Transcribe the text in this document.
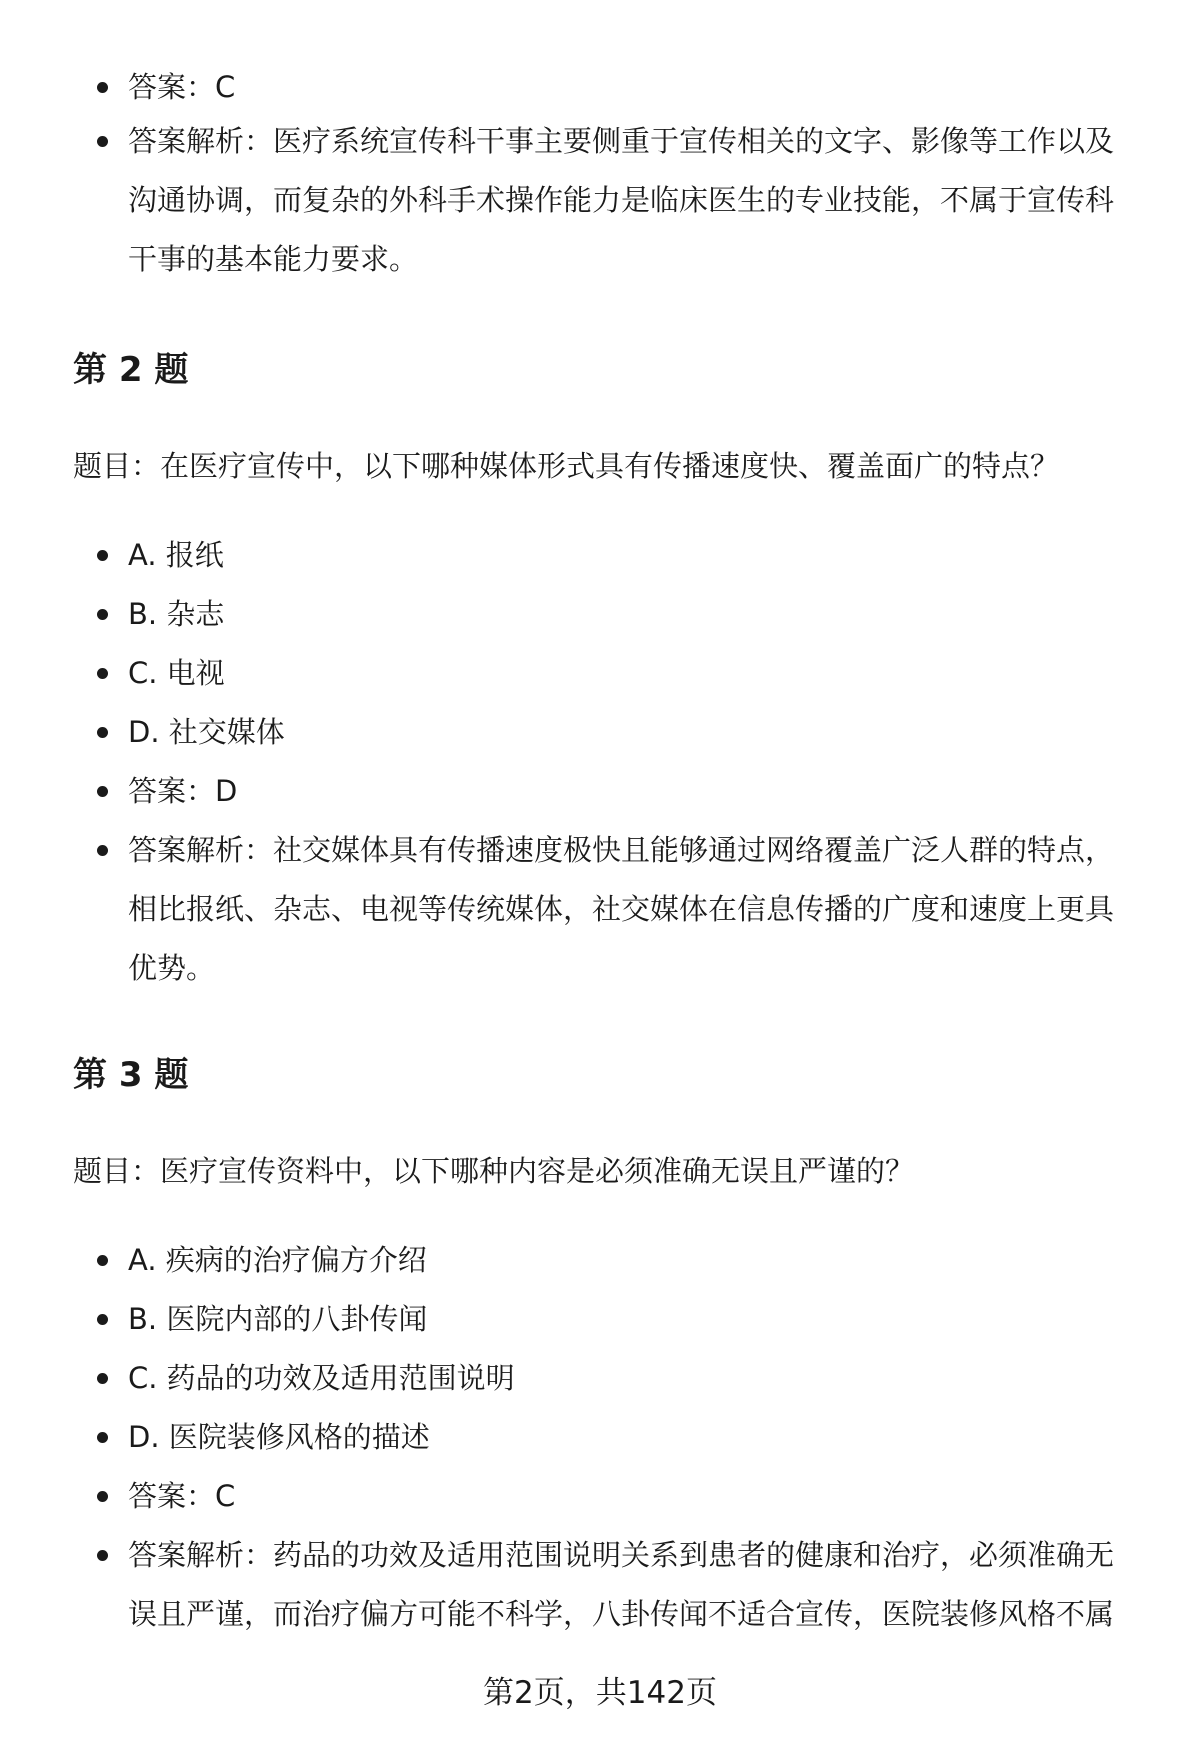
答案：C
答案解析：医疗系统宣传科干事主要侧重于宣传相关的文字、影像等工作以及沟通协调，而复杂的外科手术操作能力是临床医生的专业技能，不属于宣传科干事的基本能力要求。
第 2 题
题目：在医疗宣传中，以下哪种媒体形式具有传播速度快、覆盖面广的特点？
A. 报纸
B. 杂志
C. 电视
D. 社交媒体
答案：D
答案解析：社交媒体具有传播速度极快且能够通过网络覆盖广泛人群的特点，相比报纸、杂志、电视等传统媒体，社交媒体在信息传播的广度和速度上更具优势。
第 3 题
题目：医疗宣传资料中，以下哪种内容是必须准确无误且严谨的？
A. 疾病的治疗偏方介绍
B. 医院内部的八卦传闻
C. 药品的功效及适用范围说明
D. 医院装修风格的描述
答案：C
答案解析：药品的功效及适用范围说明关系到患者的健康和治疗，必须准确无误且严谨，而治疗偏方可能不科学，八卦传闻不适合宣传，医院装修风格不属
第2页，共142页
